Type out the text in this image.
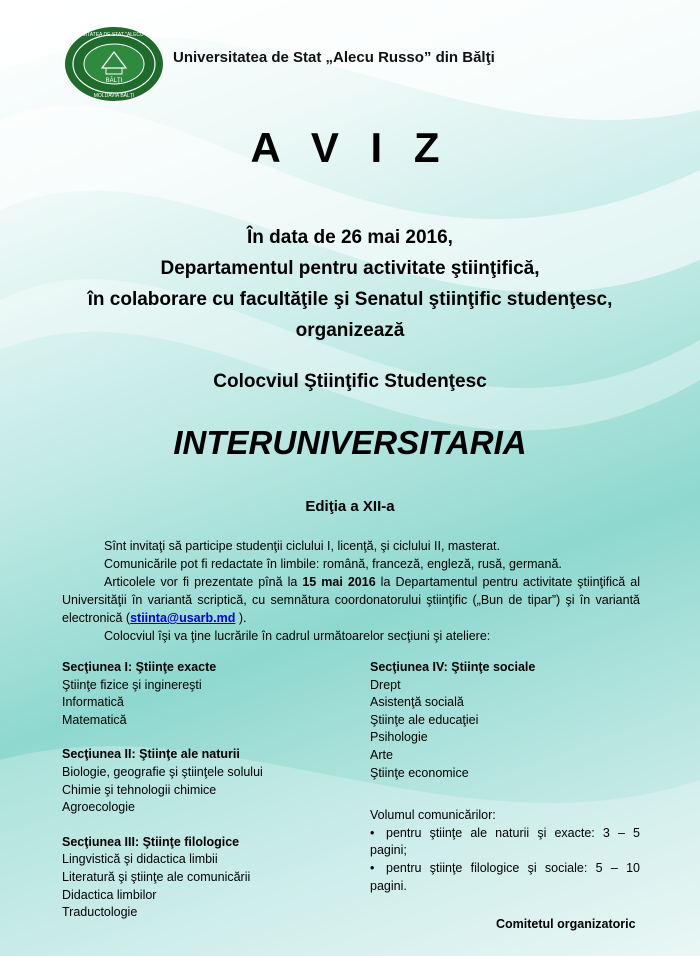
BĂLŢI
UNIVERSITATEA DE STAT "ALECU RUSSO"
MOLDAVIA BĂLȚI
Universitatea de Stat „Alecu Russo” din Bălţi
A V I Z
În data de 26 mai 2016,
Departamentul pentru activitate ştiinţifică,
în colaborare cu facultăţile şi Senatul ştiinţific studenţesc,
organizează
Colocviul Ştiinţific Studenţesc
INTERUNIVERSITARIA
Ediţia a XII-a

Sînt invitaţi să participe studenţii ciclului I, licenţă, şi ciclului II, masterat.

Comunicările pot fi redactate în limbile: română, franceză, engleză, rusă, germană.

Articolele vor fi prezentate pînă la 15 mai 2016 la Departamentul pentru activitate ştiinţifică al Universităţii în variantă scriptică, cu semnătura coordonatorului ştiinţific („Bun de tipar”) şi în variantă electronică (stiinta@usarb.md ).

Colocviul îşi va ţine lucrările în cadrul următoarelor secţiuni şi ateliere:

Secţiunea I: Ştiinţe exacte
Ştiinţe fizice şi inginereşti
Informatică
Matematică
Secţiunea II: Ştiinţe ale naturii
Biologie, geografie şi ştiinţele solului
Chimie şi tehnologii chimice
Agroecologie
Secţiunea III: Ştiinţe filologice
Lingvistică şi didactica limbii
Literatură şi ştiinţe ale comunicării
Didactica limbilor
Traductologie
Secţiunea IV: Ştiinţe sociale
Drept
Asistenţă socială
Ştiinţe ale educaţiei
Psihologie
Arte
Ştiinţe economice
Volumul comunicărilor:
• pentru ştiinţe ale naturii şi exacte: 3 – 5
pagini;
• pentru ştiinţe filologice şi sociale: 5 – 10
pagini.
Comitetul organizatoric
